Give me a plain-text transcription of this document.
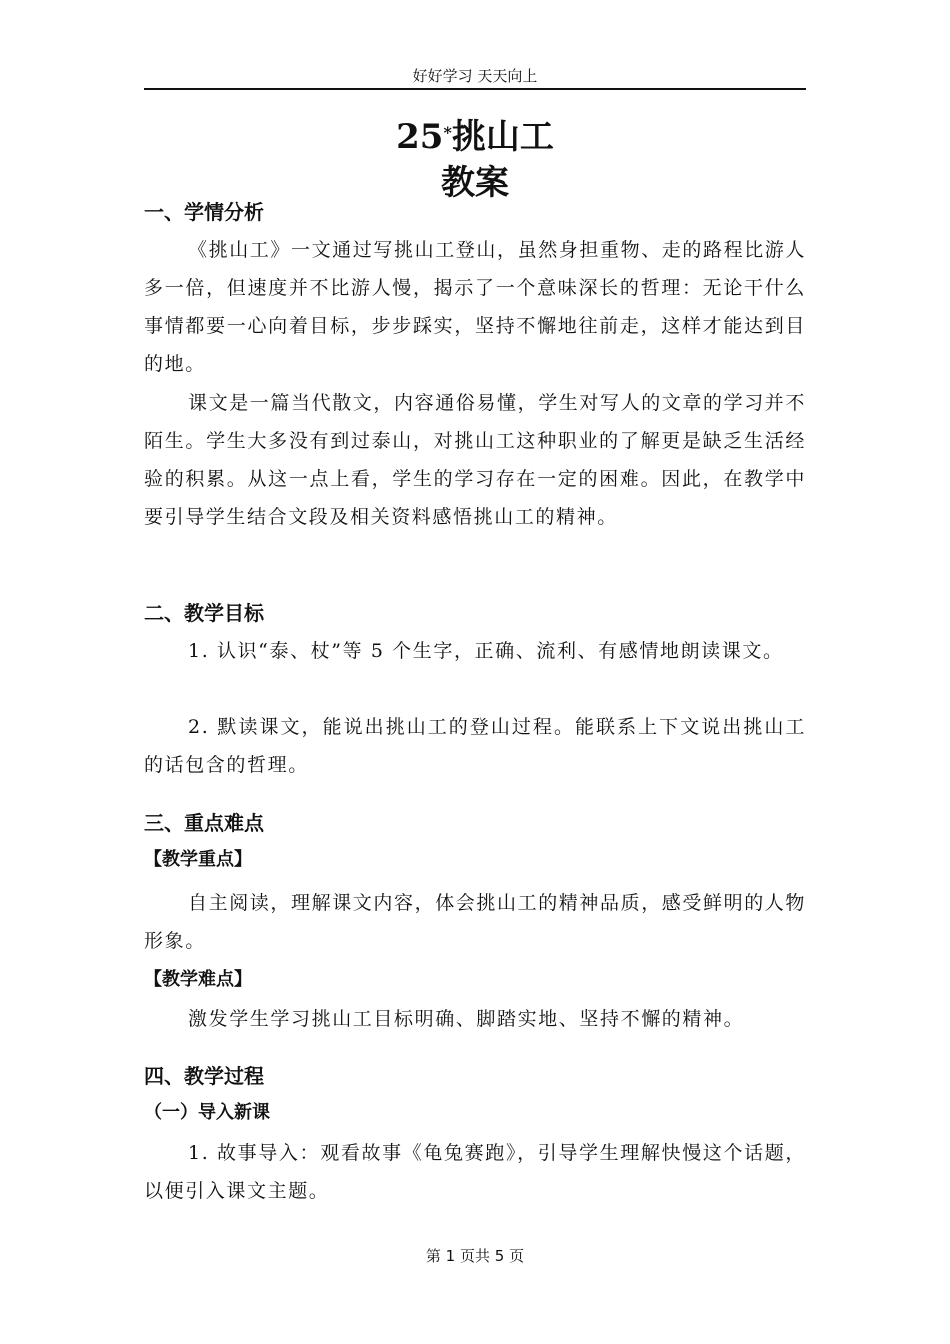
好好学习 天天向上
25*挑山工
教案
一、学情分析

《挑山工》一文通过写挑山工登山，虽然身担重物、走的路程比游人多一倍，但速度并不比游人慢，揭示了一个意味深长的哲理：无论干什么事情都要一心向着目标，步步踩实，坚持不懈地往前走，这样才能达到目的地。

课文是一篇当代散文，内容通俗易懂，学生对写人的文章的学习并不陌生。学生大多没有到过泰山，对挑山工这种职业的了解更是缺乏生活经验的积累。从这一点上看，学生的学习存在一定的困难。因此，在教学中要引导学生结合文段及相关资料感悟挑山工的精神。

二、教学目标

1. 认识“泰、杖”等 5 个生字，正确、流利、有感情地朗读课文。

2. 默读课文，能说出挑山工的登山过程。能联系上下文说出挑山工的话包含的哲理。

三、重点难点
【教学重点】

自主阅读，理解课文内容，体会挑山工的精神品质，感受鲜明的人物形象。

【教学难点】

激发学生学习挑山工目标明确、脚踏实地、坚持不懈的精神。

四、教学过程
（一）导入新课

1. 故事导入：观看故事《龟兔赛跑》，引导学生理解快慢这个话题，以便引入课文主题。

第 1 页共 5 页
